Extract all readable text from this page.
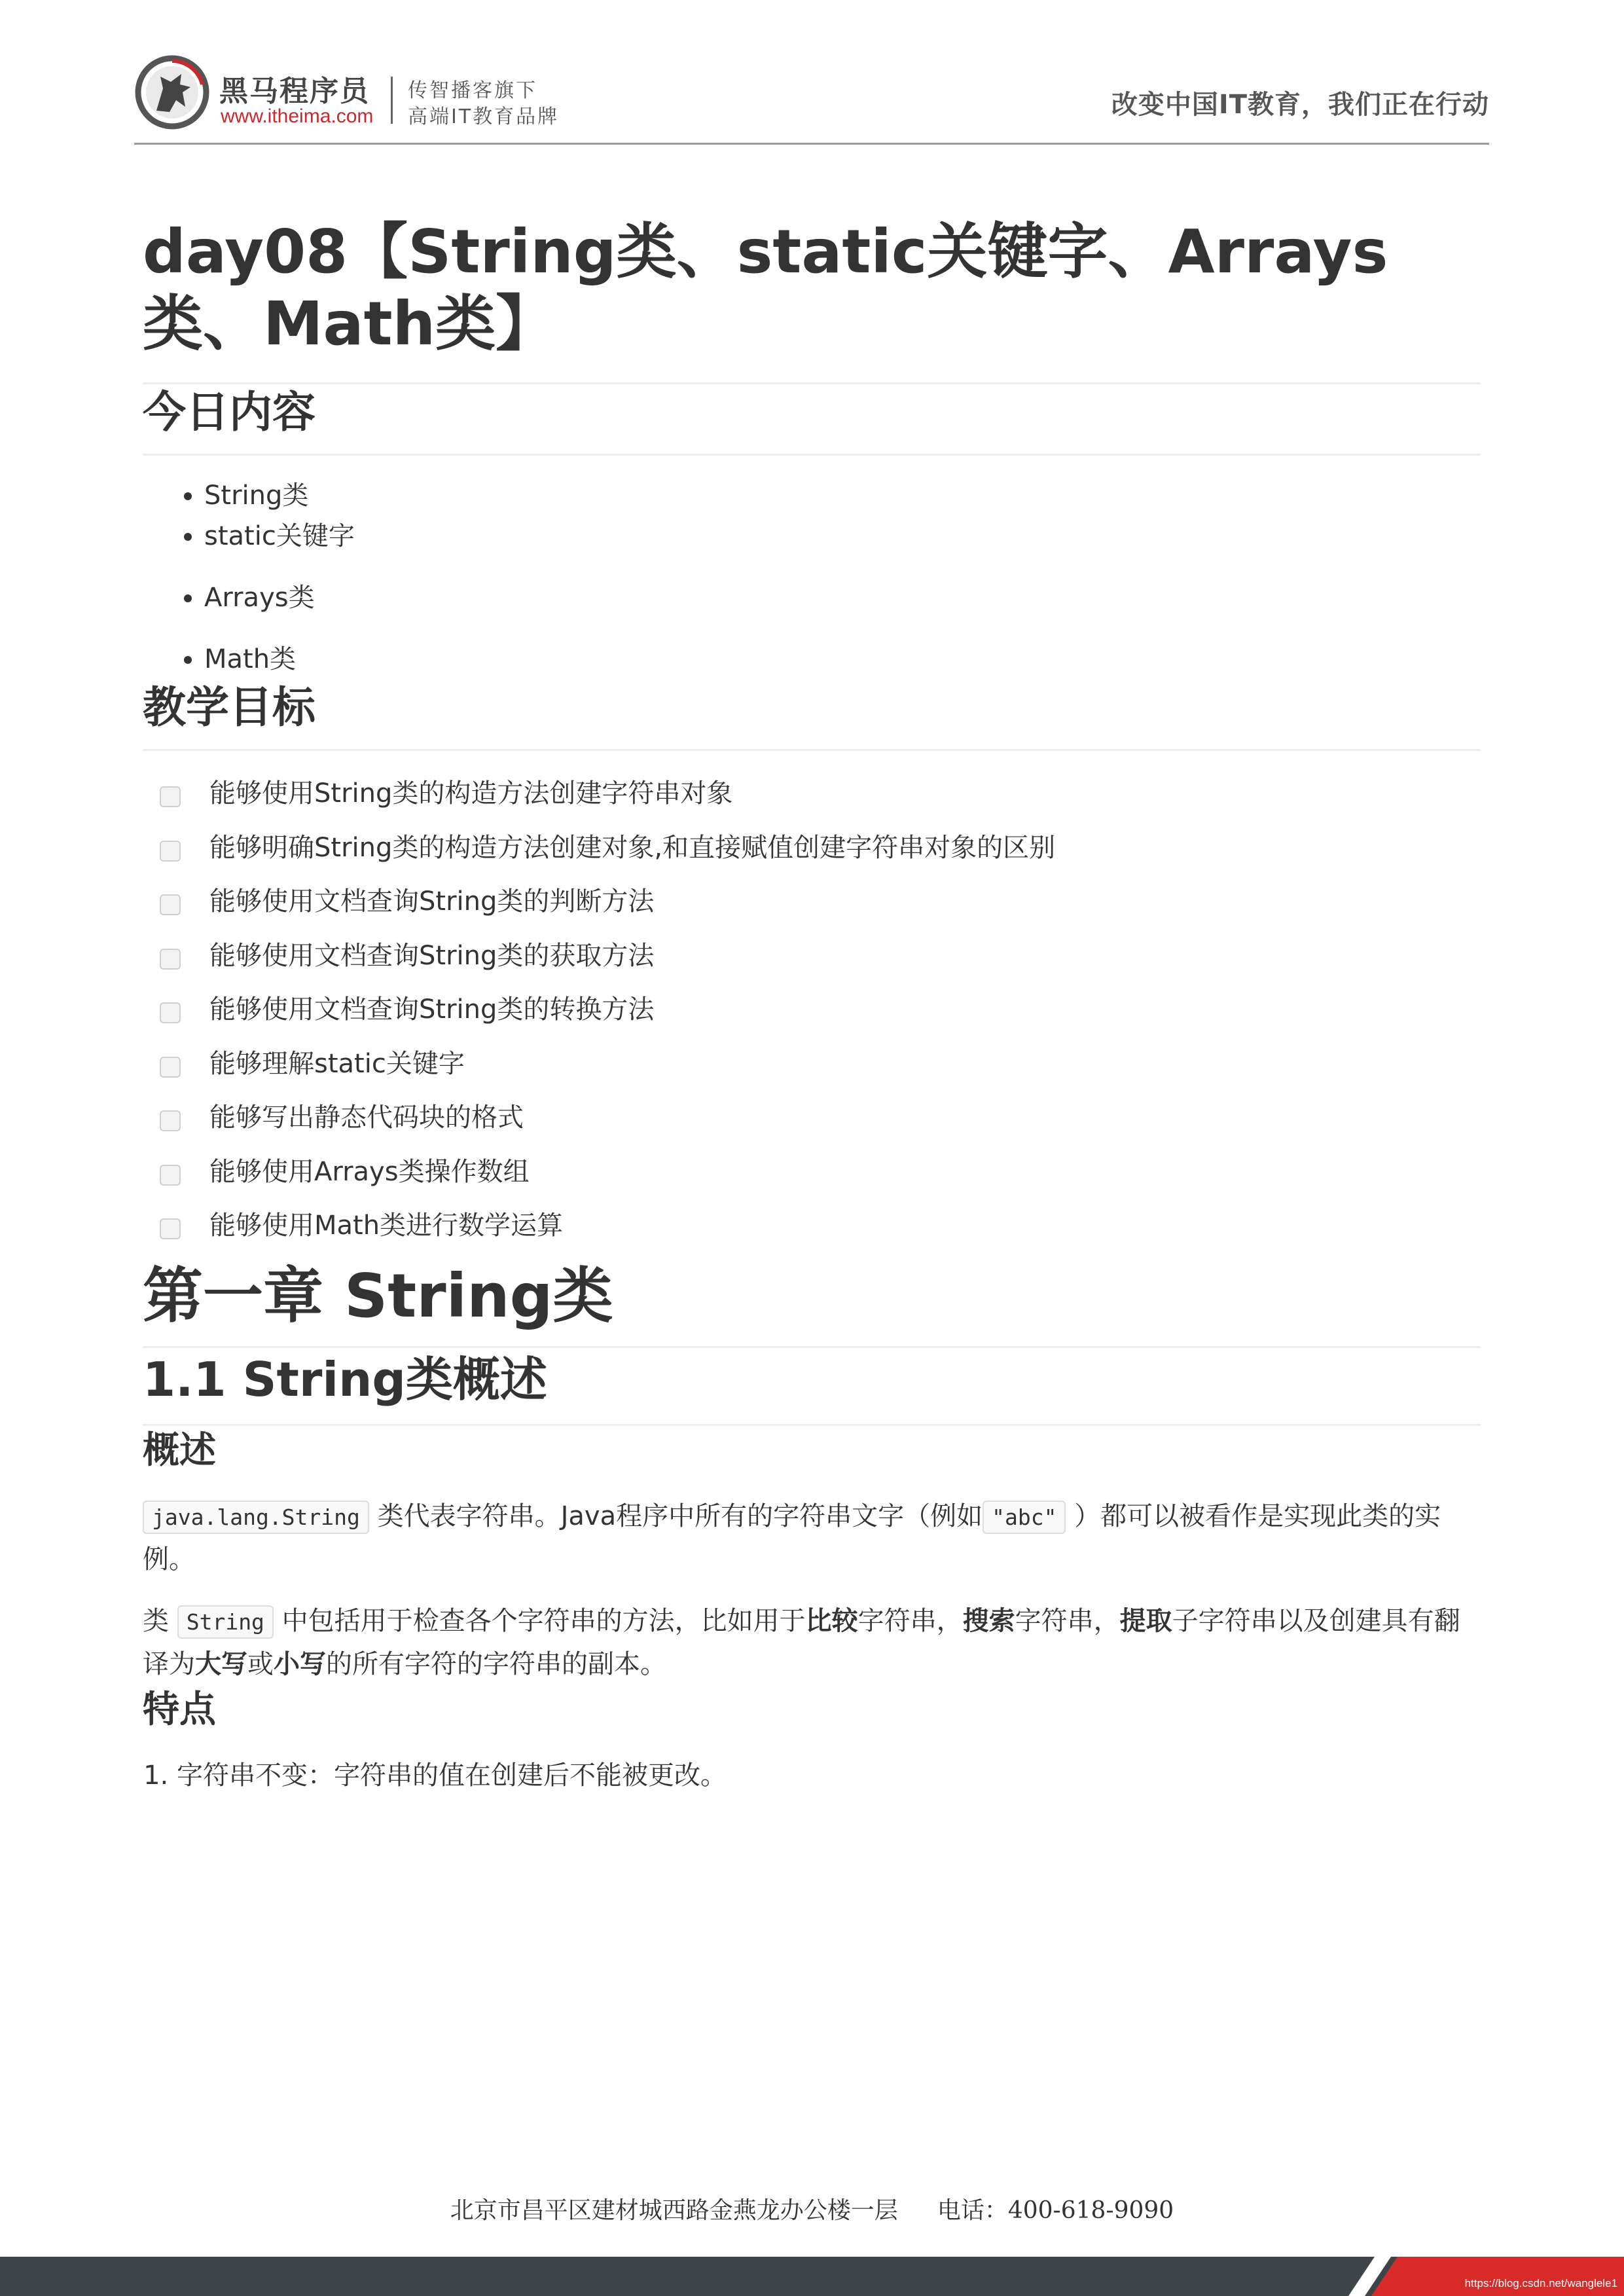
黑马程序员
www.itheima.com
传智播客旗下
高端IT教育品牌	改变中国IT教育，我们正在行动
day08【String类、static关键字、Arrays类、Math类】
今日内容
• String类
• static关键字
• Arrays类
• Math类
教学目标
能够使用String类的构造方法创建字符串对象
能够明确String类的构造方法创建对象,和直接赋值创建字符串对象的区别
能够使用文档查询String类的判断方法
能够使用文档查询String类的获取方法
能够使用文档查询String类的转换方法
能够理解static关键字
能够写出静态代码块的格式
能够使用Arrays类操作数组
能够使用Math类进行数学运算
第一章 String类
1.1 String类概述
概述

java.lang.String 类代表字符串。Java程序中所有的字符串文字（例如 "abc" ）都可以被看作是实现此类的实例。

类 String 中包括用于检查各个字符串的方法，比如用于比较字符串，搜索字符串，提取子字符串以及创建具有翻译为大写或小写的所有字符的字符串的副本。

特点
1. 字符串不变：字符串的值在创建后不能被更改。
北京市昌平区建材城西路金燕龙办公楼一层 电话：400-618-9090
https://blog.csdn.net/wanglele1
